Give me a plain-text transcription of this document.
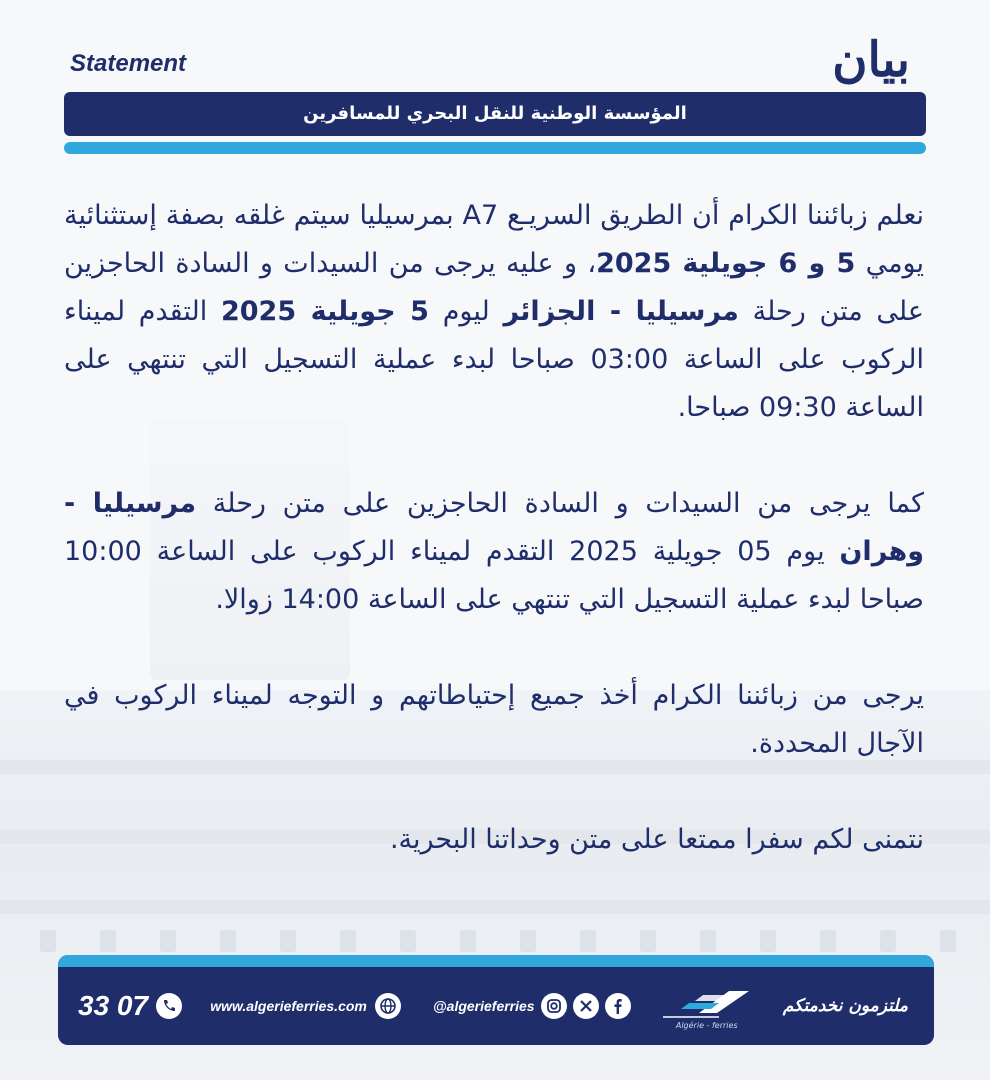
بيان
Statement
المؤسسة الوطنية للنقل البحري للمسافرين

نعلم زبائننا الكرام أن الطريق السريـع A7 بمرسيليا سيتم غلقه بصفة إستثنائية يومي 5 و 6 جويلية 2025، و عليه يرجى من السيدات و السادة الحاجزين على متن رحلة مرسيليا - الجزائر ليوم 5 جويلية 2025 التقدم لميناء الركوب على الساعة 03:00 صباحا لبدء عملية التسجيل التي تنتهي على الساعة 09:30 صباحا.

كما يرجى من السيدات و السادة الحاجزين على متن رحلة مرسيليا - وهران يوم 05 جويلية 2025 التقدم لميناء الركوب على الساعة 10:00 صباحا لبدء عملية التسجيل التي تنتهي على الساعة 14:00 زوالا.

يرجى من زبائننا الكرام أخذ جميع إحتياطاتهم و التوجه لميناء الركوب في الآجال المحددة.

نتمنى لكم سفرا ممتعا على متن وحداتنا البحرية.

33 07	www.algerieferries.com	@algerieferries
Algérie - ferries
ملتزمون نخدمتكم
